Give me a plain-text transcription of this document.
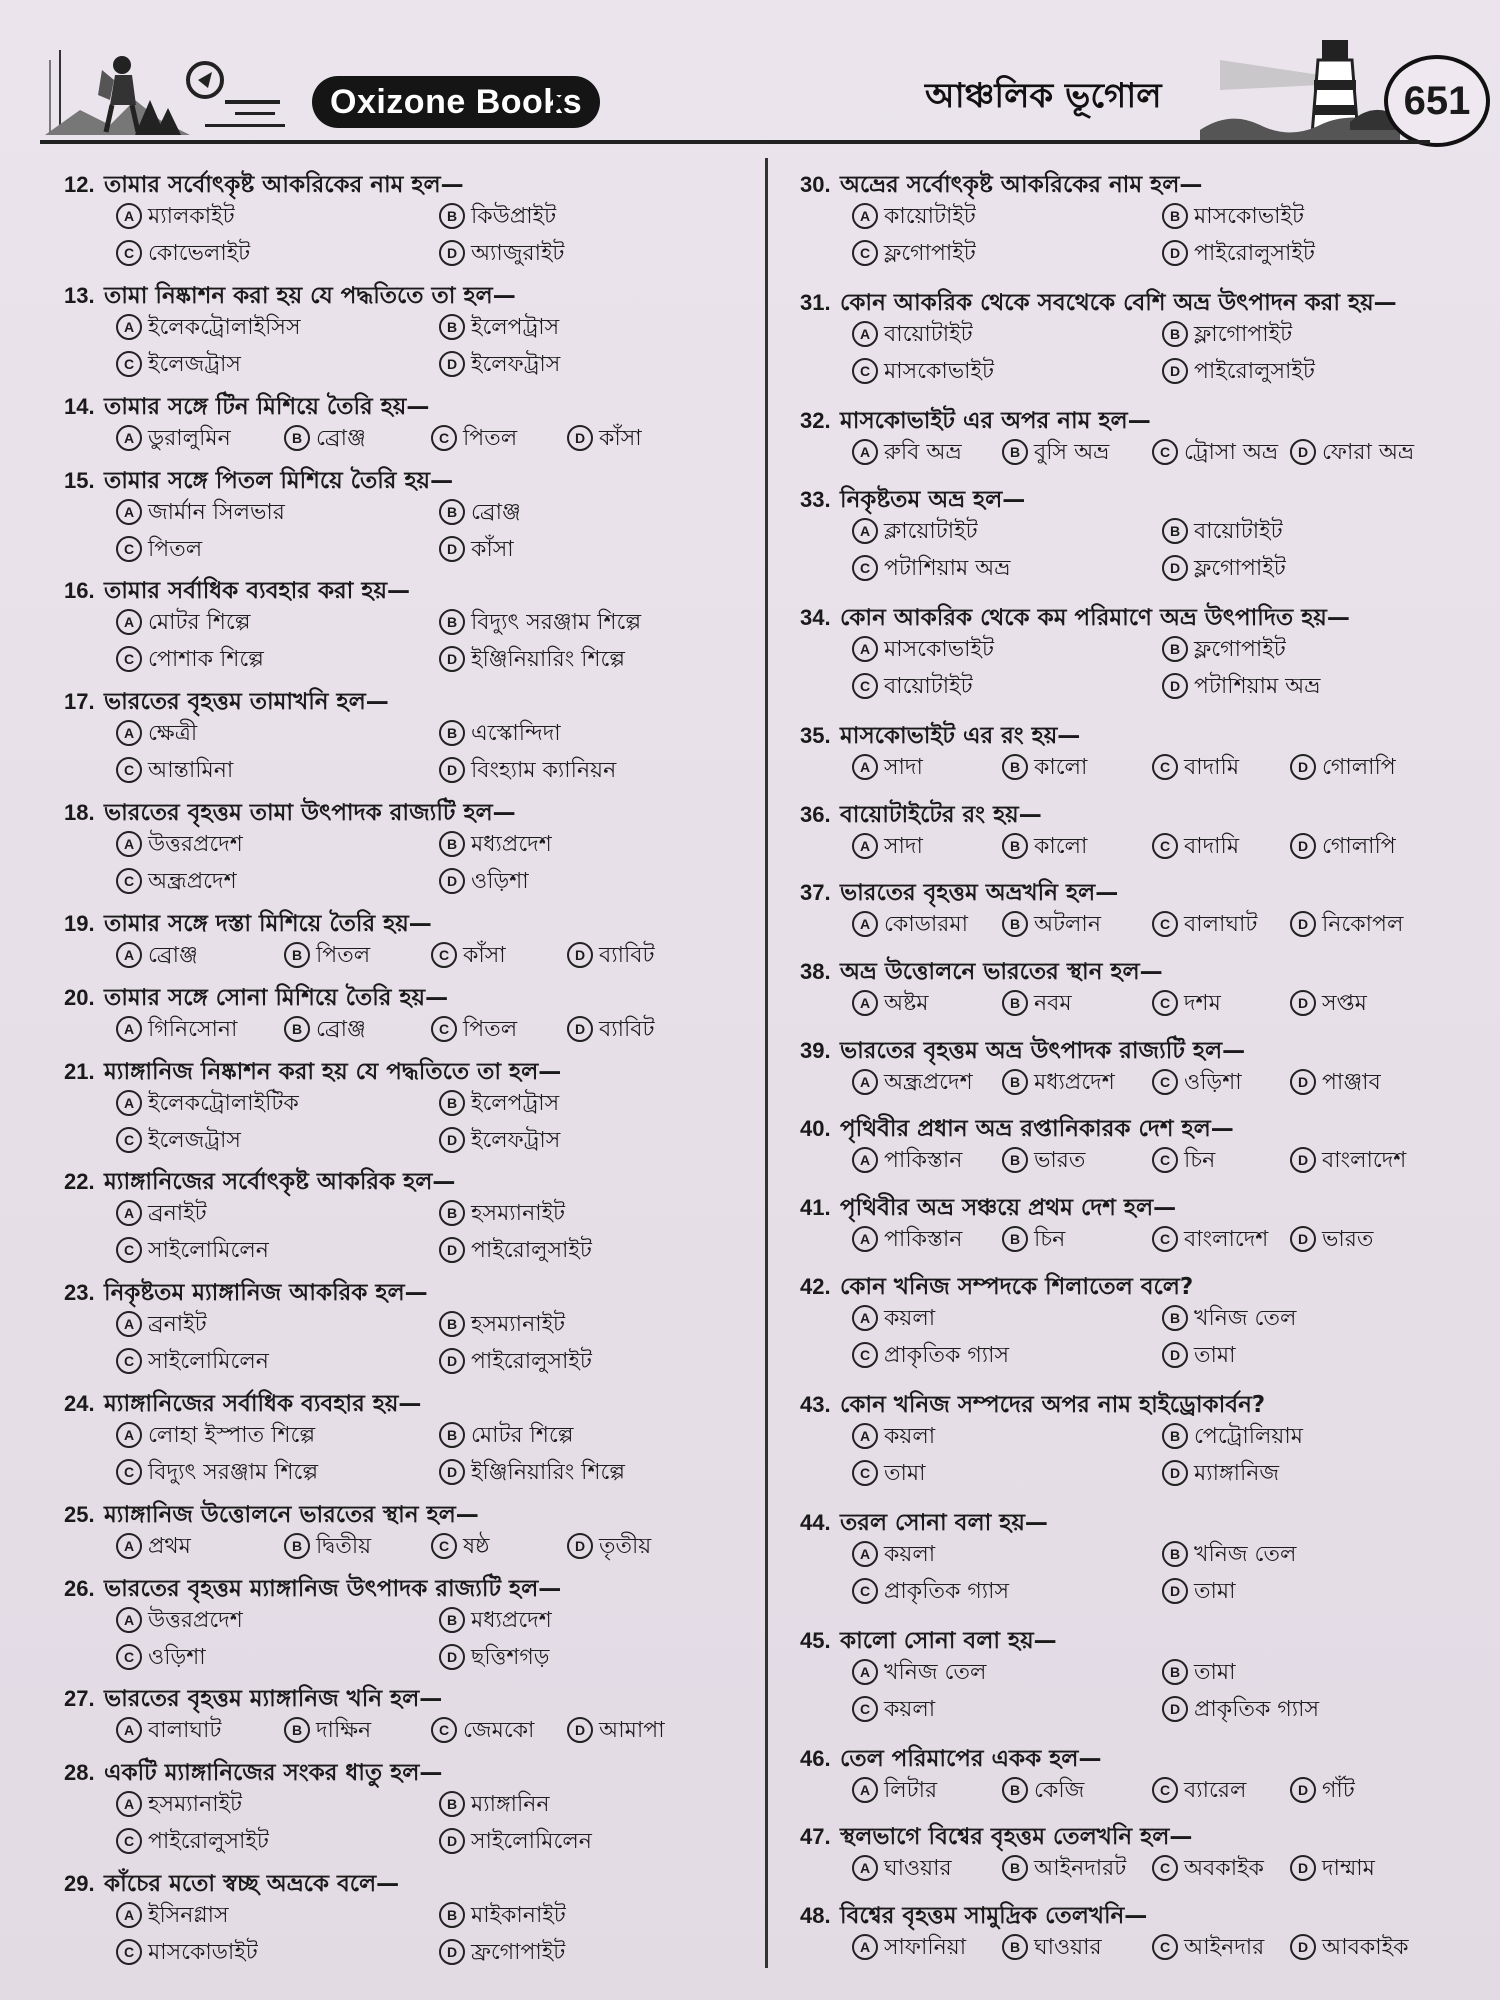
Oxizone Books	আঞ্চলিক ভূগোল	651
12. তামার সর্বোৎকৃষ্ট আকরিকের নাম হল—
A ম্যালকাইট	B কিউপ্রাইট
C কোভেলাইট	D অ্যাজুরাইট
13. তামা নিষ্কাশন করা হয় যে পদ্ধতিতে তা হল—
A ইলেকট্রোলাইসিস	B ইলেপট্রাস
C ইলেজট্রাস	D ইলেফট্রাস
14. তামার সঙ্গে টিন মিশিয়ে তৈরি হয়—
A ডুরালুমিন	B ব্রোঞ্জ	C পিতল	D কাঁসা
15. তামার সঙ্গে পিতল মিশিয়ে তৈরি হয়—
A জার্মান সিলভার	B ব্রোঞ্জ
C পিতল	D কাঁসা
16. তামার সর্বাধিক ব্যবহার করা হয়—
A মোটর শিল্পে	B বিদ্যুৎ সরঞ্জাম শিল্পে
C পোশাক শিল্পে	D ইঞ্জিনিয়ারিং শিল্পে
17. ভারতের বৃহত্তম তামাখনি হল—
A ক্ষেত্রী	B এস্কোন্দিদা
C আন্তামিনা	D বিংহ্যাম ক্যানিয়ন
18. ভারতের বৃহত্তম তামা উৎপাদক রাজ্যটি হল—
A উত্তরপ্রদেশ	B মধ্যপ্রদেশ
C অন্ধ্রপ্রদেশ	D ওড়িশা
19. তামার সঙ্গে দস্তা মিশিয়ে তৈরি হয়—
A ব্রোঞ্জ	B পিতল	C কাঁসা	D ব্যাবিট
20. তামার সঙ্গে সোনা মিশিয়ে তৈরি হয়—
A গিনিসোনা	B ব্রোঞ্জ	C পিতল	D ব্যাবিট
21. ম্যাঙ্গানিজ নিষ্কাশন করা হয় যে পদ্ধতিতে তা হল—
A ইলেকট্রোলাইটিক	B ইলেপট্রাস
C ইলেজট্রাস	D ইলেফট্রাস
22. ম্যাঙ্গানিজের সর্বোৎকৃষ্ট আকরিক হল—
A ব্রনাইট	B হসম্যানাইট
C সাইলোমিলেন	D পাইরোলুসাইট
23. নিকৃষ্টতম ম্যাঙ্গানিজ আকরিক হল—
A ব্রনাইট	B হসম্যানাইট
C সাইলোমিলেন	D পাইরোলুসাইট
24. ম্যাঙ্গানিজের সর্বাধিক ব্যবহার হয়—
A লোহা ইস্পাত শিল্পে	B মোটর শিল্পে
C বিদ্যুৎ সরঞ্জাম শিল্পে	D ইঞ্জিনিয়ারিং শিল্পে
25. ম্যাঙ্গানিজ উত্তোলনে ভারতের স্থান হল—
A প্রথম	B দ্বিতীয়	C ষষ্ঠ	D তৃতীয়
26. ভারতের বৃহত্তম ম্যাঙ্গানিজ উৎপাদক রাজ্যটি হল—
A উত্তরপ্রদেশ	B মধ্যপ্রদেশ
C ওড়িশা	D ছত্তিশগড়
27. ভারতের বৃহত্তম ম্যাঙ্গানিজ খনি হল—
A বালাঘাট	B দাক্ষিন	C জেমকো	D আমাপা
28. একটি ম্যাঙ্গানিজের সংকর ধাতু হল—
A হসম্যানাইট	B ম্যাঙ্গানিন
C পাইরোলুসাইট	D সাইলোমিলেন
29. কাঁচের মতো স্বচ্ছ অভ্রকে বলে—
A ইসিনগ্লাস	B মাইকানাইট
C মাসকোডাইট	D ফ্রগোপাইট
30. অভ্রের সর্বোৎকৃষ্ট আকরিকের নাম হল—
A কায়োটাইট	B মাসকোভাইট
C ফ্লগোপাইট	D পাইরোলুসাইট
31. কোন আকরিক থেকে সবথেকে বেশি অভ্র উৎপাদন করা হয়—
A বায়োটাইট	B ফ্লাগোপাইট
C মাসকোভাইট	D পাইরোলুসাইট
32. মাসকোভাইট এর অপর নাম হল—
A রুবি অভ্র	B বুসি অভ্র	C ট্রোসা অভ্র	D ফোরা অভ্র
33. নিকৃষ্টতম অভ্র হল—
A ক্লায়োটাইট	B বায়োটাইট
C পটাশিয়াম অভ্র	D ফ্লগোপাইট
34. কোন আকরিক থেকে কম পরিমাণে অভ্র উৎপাদিত হয়—
A মাসকোভাইট	B ফ্লগোপাইট
C বায়োটাইট	D পটাশিয়াম অভ্র
35. মাসকোভাইট এর রং হয়—
A সাদা	B কালো	C বাদামি	D গোলাপি
36. বায়োটাইটের রং হয়—
A সাদা	B কালো	C বাদামি	D গোলাপি
37. ভারতের বৃহত্তম অভ্রখনি হল—
A কোডারমা	B অটলান	C বালাঘাট	D নিকোপল
38. অভ্র উত্তোলনে ভারতের স্থান হল—
A অষ্টম	B নবম	C দশম	D সপ্তম
39. ভারতের বৃহত্তম অভ্র উৎপাদক রাজ্যটি হল—
A অন্ধ্রপ্রদেশ	B মধ্যপ্রদেশ	C ওড়িশা	D পাঞ্জাব
40. পৃথিবীর প্রধান অভ্র রপ্তানিকারক দেশ হল—
A পাকিস্তান	B ভারত	C চিন	D বাংলাদেশ
41. পৃথিবীর অভ্র সঞ্চয়ে প্রথম দেশ হল—
A পাকিস্তান	B চিন	C বাংলাদেশ	D ভারত
42. কোন খনিজ সম্পদকে শিলাতেল বলে?
A কয়লা	B খনিজ তেল
C প্রাকৃতিক গ্যাস	D তামা
43. কোন খনিজ সম্পদের অপর নাম হাইড্রোকার্বন?
A কয়লা	B পেট্রোলিয়াম
C তামা	D ম্যাঙ্গানিজ
44. তরল সোনা বলা হয়—
A কয়লা	B খনিজ তেল
C প্রাকৃতিক গ্যাস	D তামা
45. কালো সোনা বলা হয়—
A খনিজ তেল	B তামা
C কয়লা	D প্রাকৃতিক গ্যাস
46. তেল পরিমাপের একক হল—
A লিটার	B কেজি	C ব্যারেল	D গাঁট
47. স্থলভাগে বিশ্বের বৃহত্তম তেলখনি হল—
A ঘাওয়ার	B আইনদারট	C অবকাইক	D দাম্মাম
48. বিশ্বের বৃহত্তম সামুদ্রিক তেলখনি—
A সাফানিয়া	B ঘাওয়ার	C আইনদার	D আবকাইক
